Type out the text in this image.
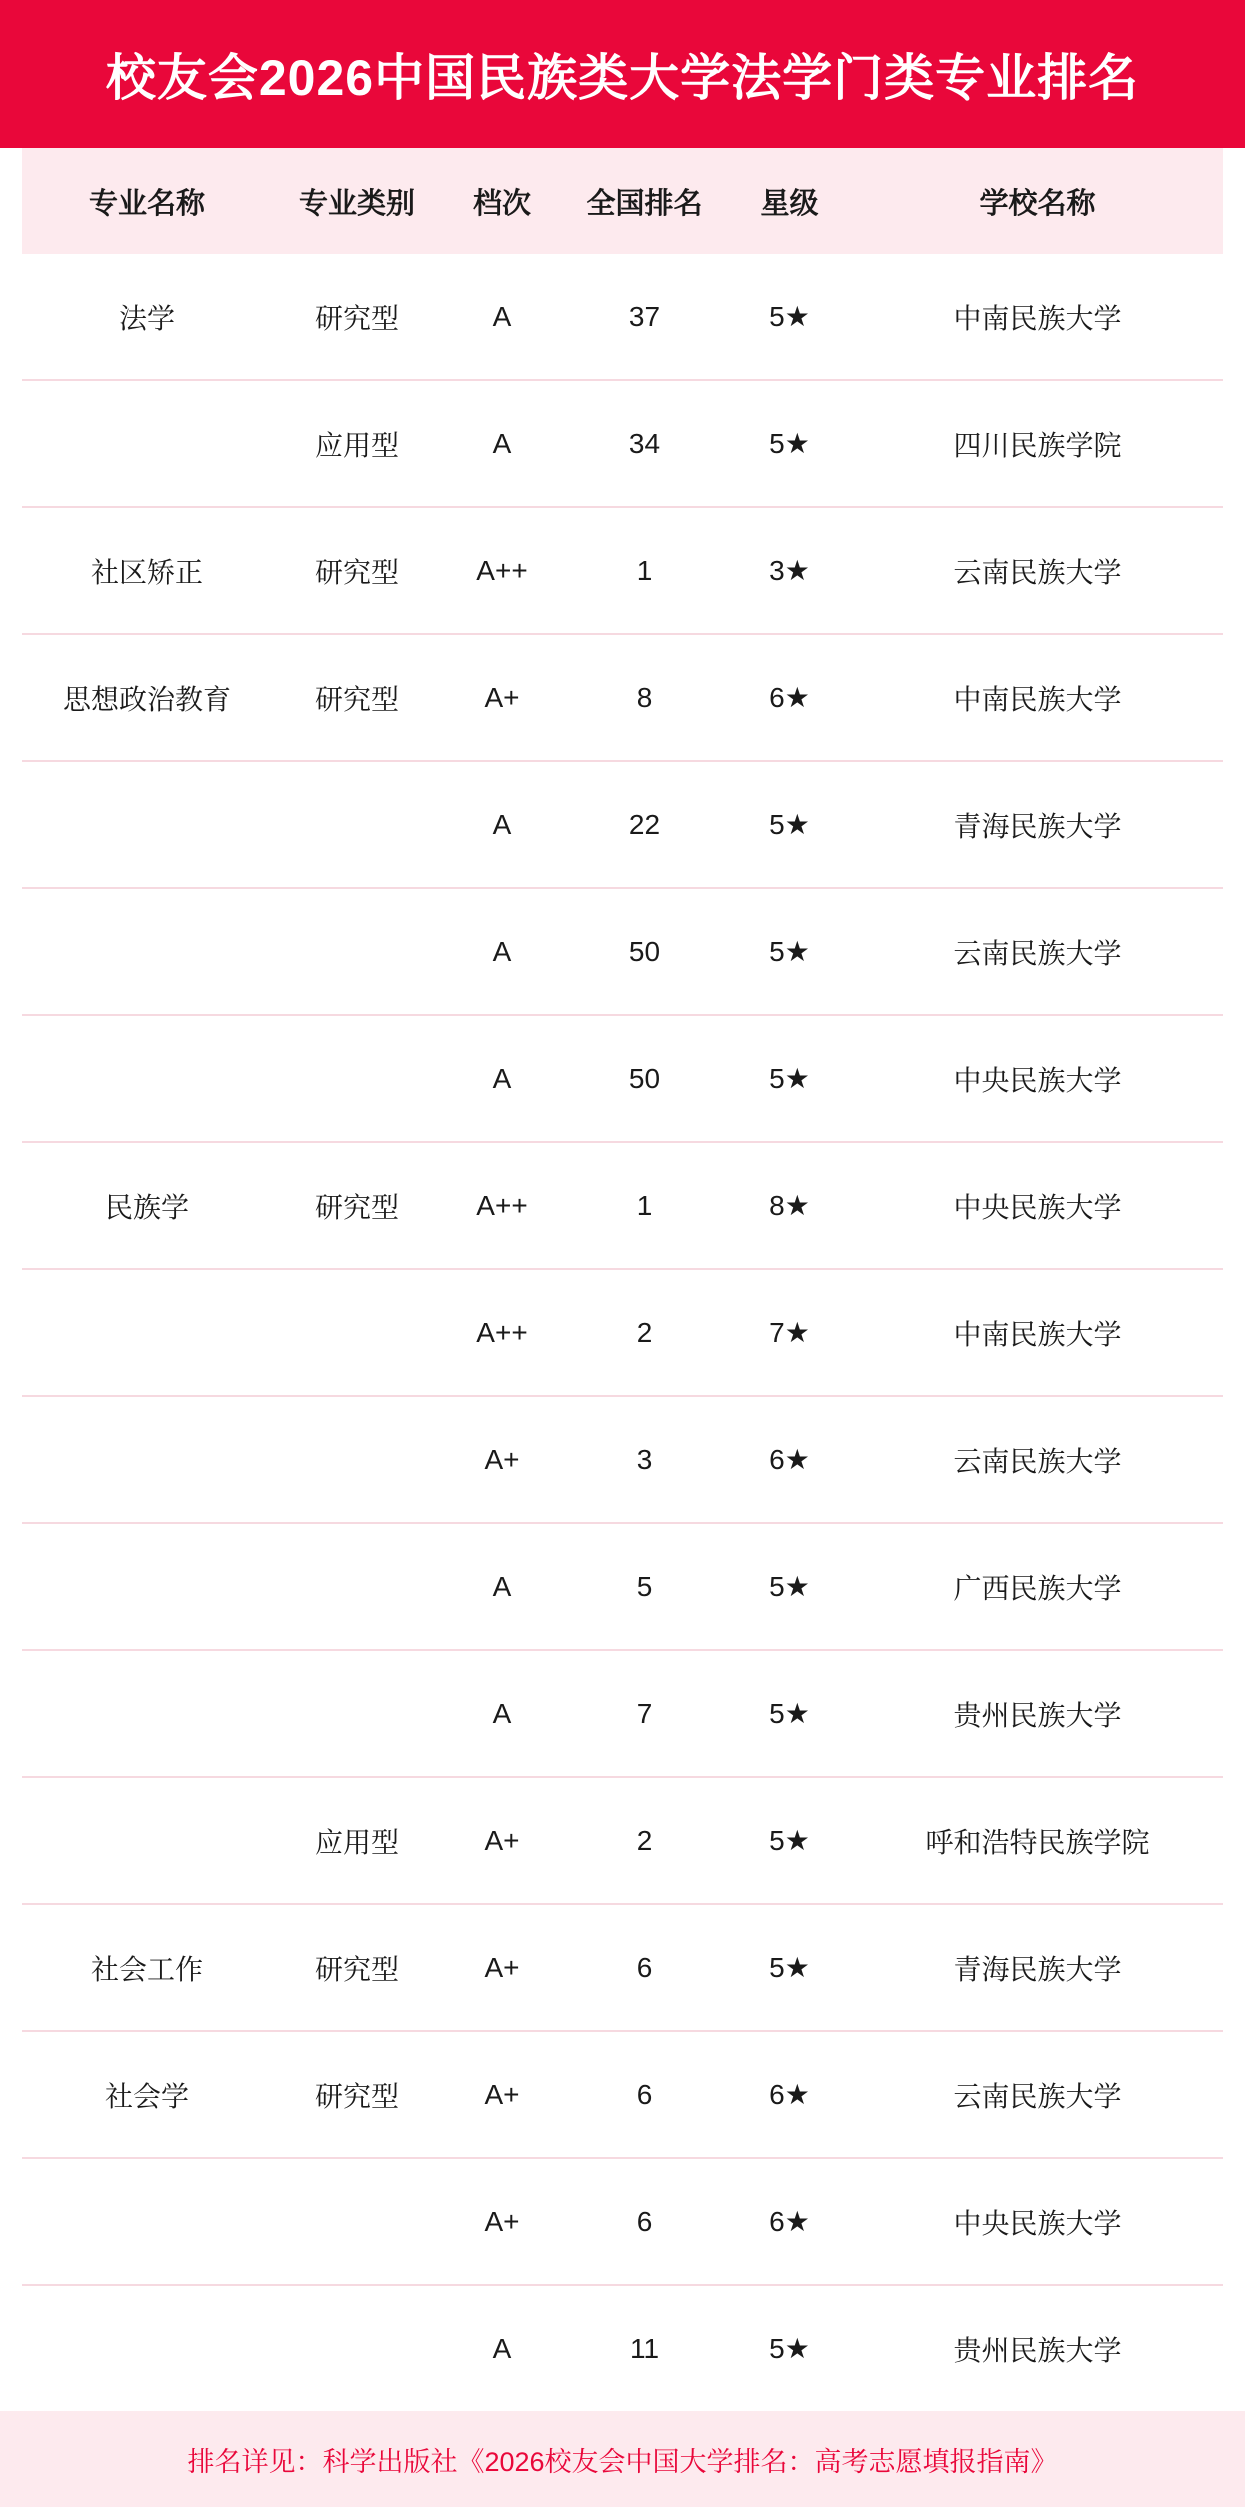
校友会2026中国民族类大学法学门类专业排名
专业名称	专业类别	档次	全国排名	星级	学校名称
法学	研究型	A	37	5★	中南民族大学
	应用型	A	34	5★	四川民族学院
社区矫正	研究型	A++	1	3★	云南民族大学
思想政治教育	研究型	A+	8	6★	中南民族大学
		A	22	5★	青海民族大学
		A	50	5★	云南民族大学
		A	50	5★	中央民族大学
民族学	研究型	A++	1	8★	中央民族大学
		A++	2	7★	中南民族大学
		A+	3	6★	云南民族大学
		A	5	5★	广西民族大学
		A	7	5★	贵州民族大学
	应用型	A+	2	5★	呼和浩特民族学院
社会工作	研究型	A+	6	5★	青海民族大学
社会学	研究型	A+	6	6★	云南民族大学
		A+	6	6★	中央民族大学
		A	11	5★	贵州民族大学
排名详见：科学出版社《2026校友会中国大学排名：高考志愿填报指南》
